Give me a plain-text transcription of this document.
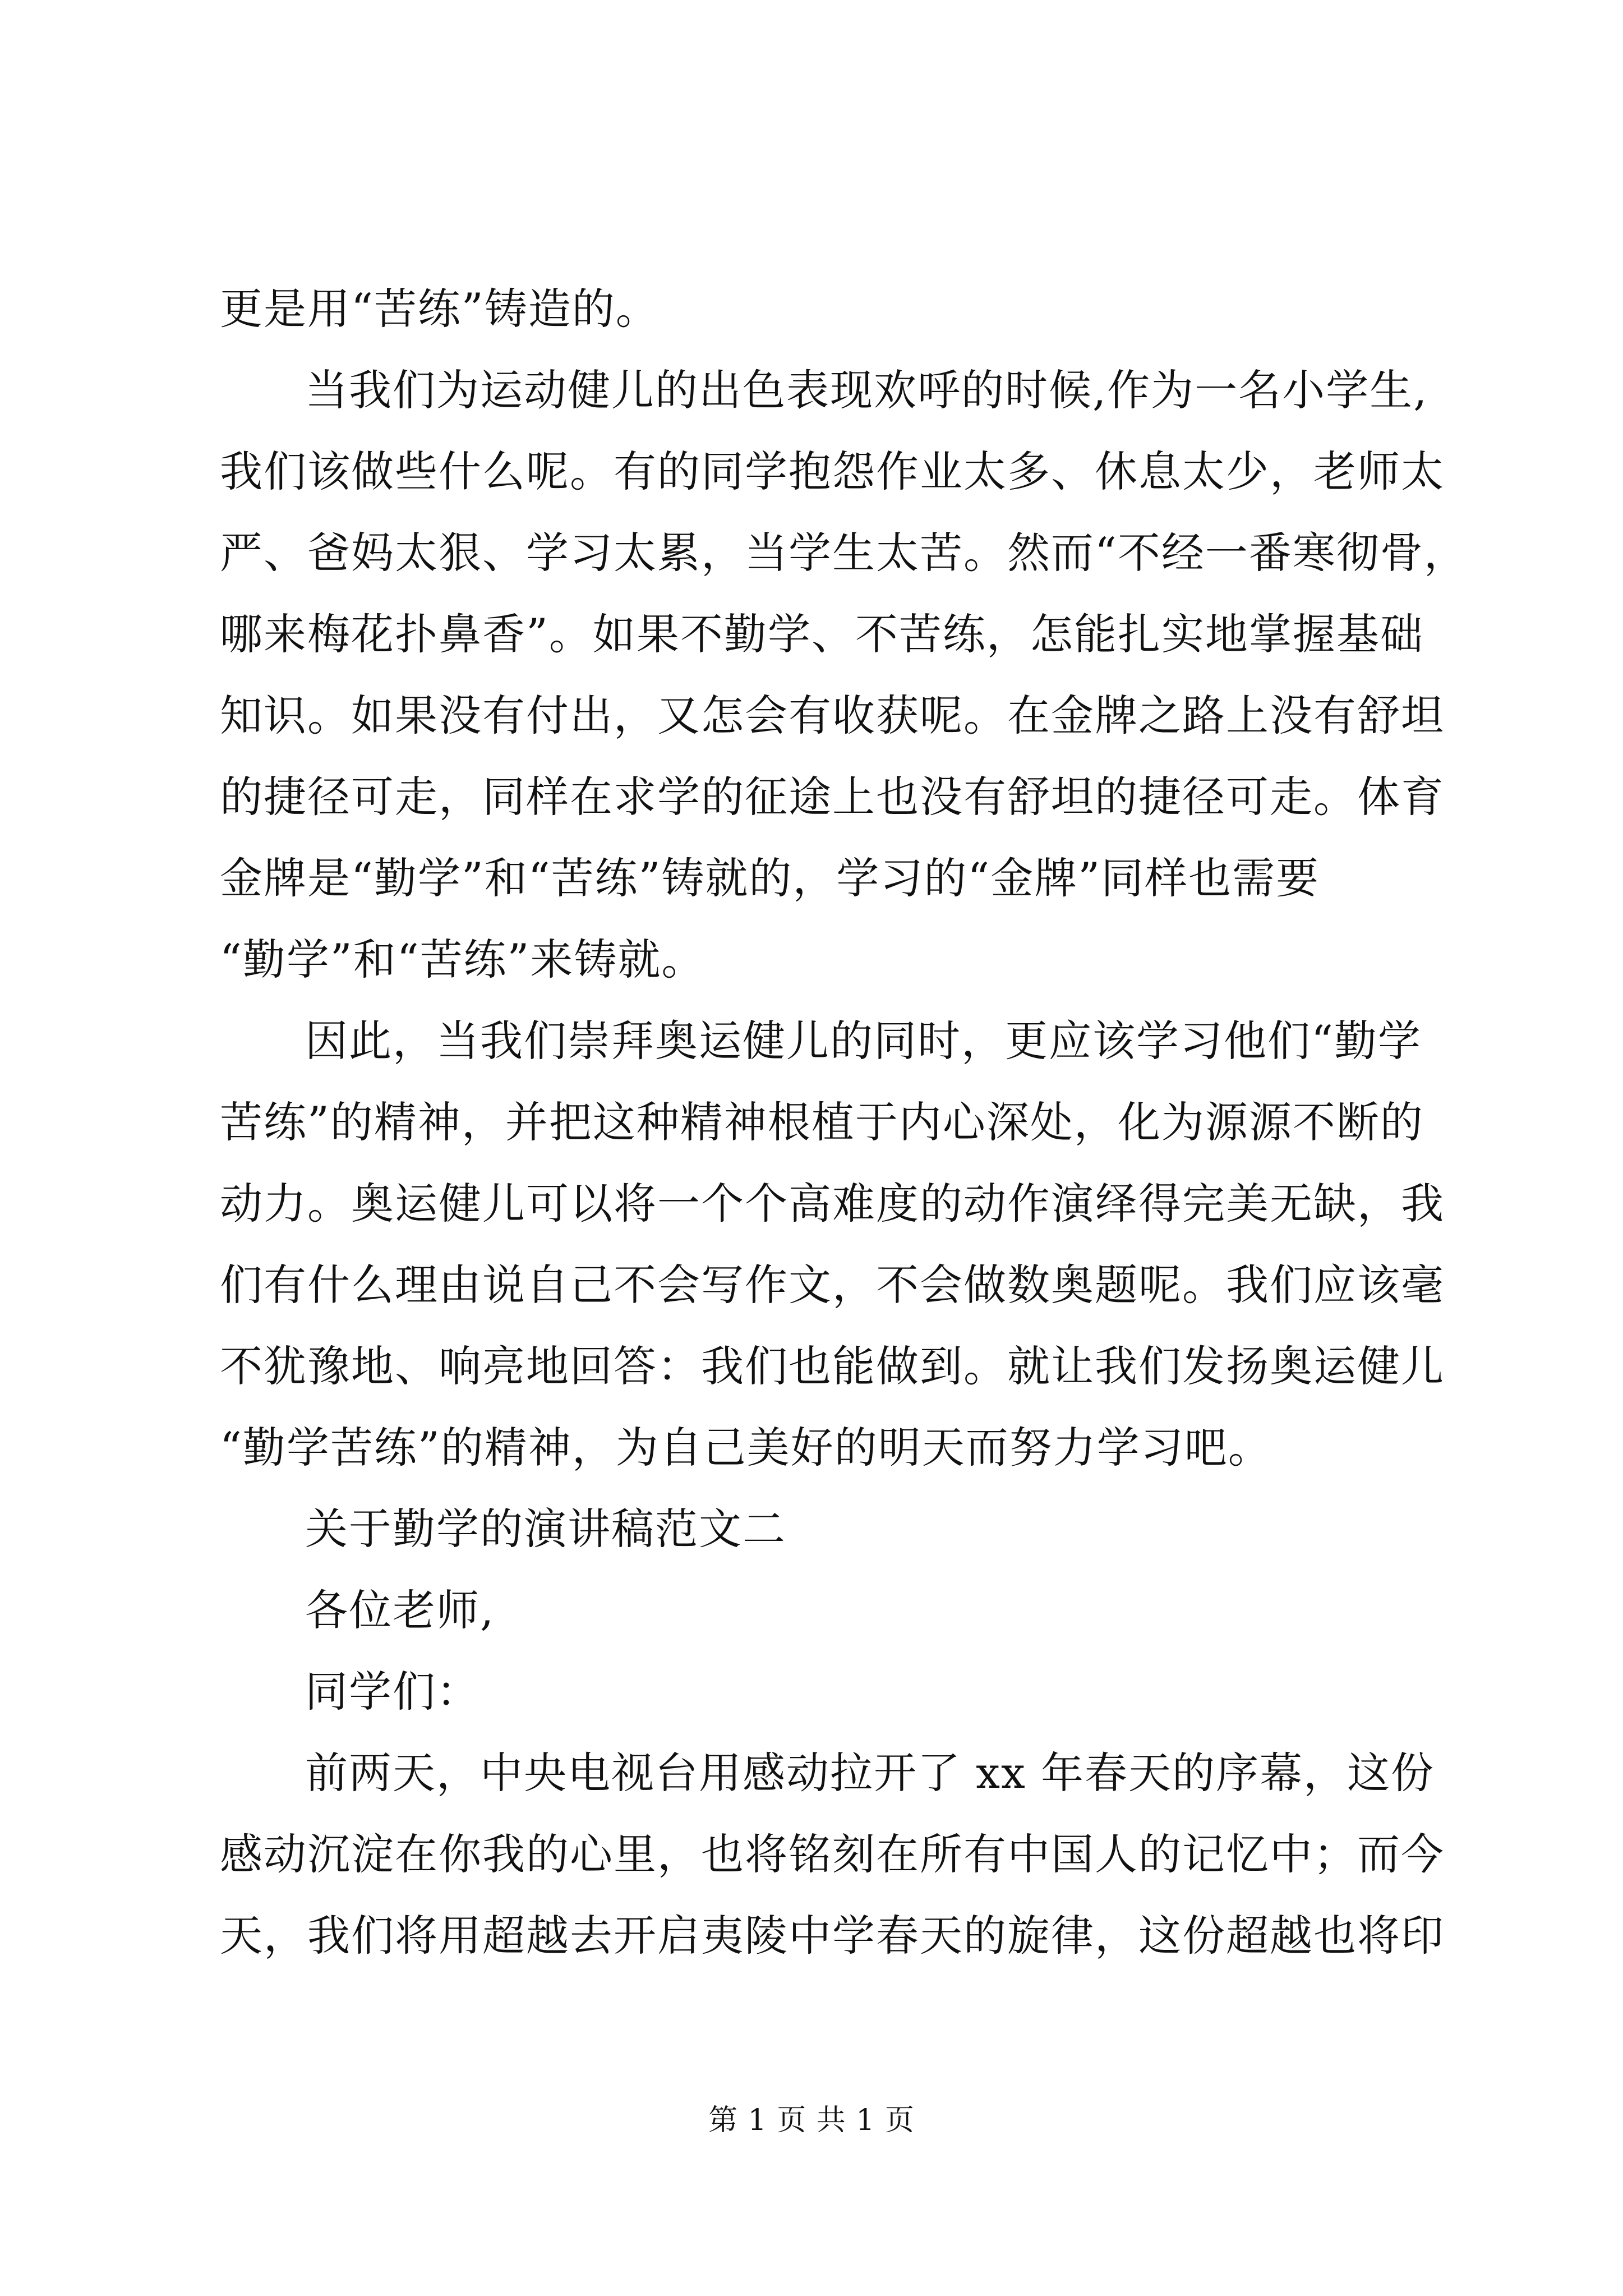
更是用“苦练”铸造的。
当我们为运动健儿的出色表现欢呼的时候,作为一名小学生,
我们该做些什么呢。有的同学抱怨作业太多、休息太少，老师太
严、爸妈太狠、学习太累，当学生太苦。然而“不经一番寒彻骨，
哪来梅花扑鼻香”。如果不勤学、不苦练，怎能扎实地掌握基础
知识。如果没有付出，又怎会有收获呢。在金牌之路上没有舒坦
的捷径可走，同样在求学的征途上也没有舒坦的捷径可走。体育
金牌是“勤学”和“苦练”铸就的，学习的“金牌”同样也需要
“勤学”和“苦练”来铸就。
因此，当我们崇拜奥运健儿的同时，更应该学习他们“勤学
苦练”的精神，并把这种精神根植于内心深处，化为源源不断的
动力。奥运健儿可以将一个个高难度的动作演绎得完美无缺，我
们有什么理由说自己不会写作文，不会做数奥题呢。我们应该毫
不犹豫地、响亮地回答：我们也能做到。就让我们发扬奥运健儿
“勤学苦练”的精神，为自己美好的明天而努力学习吧。
关于勤学的演讲稿范文二
各位老师,
同学们：
前两天，中央电视台用感动拉开了 xx 年春天的序幕，这份
感动沉淀在你我的心里，也将铭刻在所有中国人的记忆中；而今
天，我们将用超越去开启夷陵中学春天的旋律，这份超越也将印
第 1 页 共 1 页
